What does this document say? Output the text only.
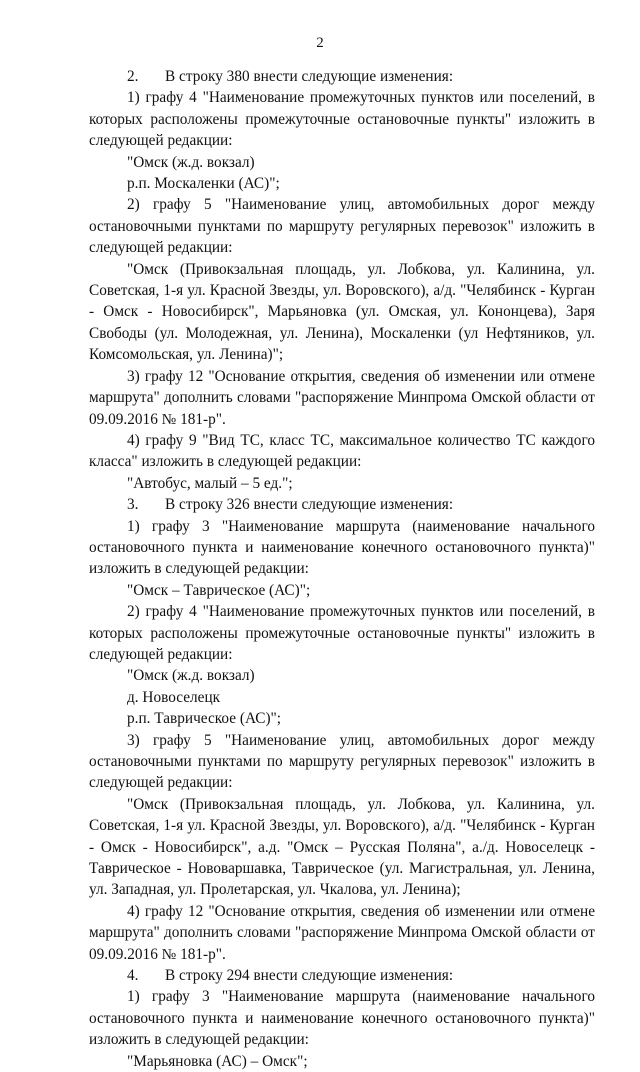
2

2.	В строку 380 внести следующие изменения:

1) графу 4 "Наименование промежуточных пунктов или поселений, в

которых расположены промежуточные остановочные пункты" изложить в

следующей редакции:

"Омск (ж.д. вокзал)

р.п. Москаленки (АС)";

2) графу 5 "Наименование улиц, автомобильных дорог между

остановочными пунктами по маршруту регулярных перевозок" изложить в

следующей редакции:

"Омск (Привокзальная площадь, ул. Лобкова, ул. Калинина, ул.

Советская, 1-я ул. Красной Звезды, ул. Воровского), а/д. "Челябинск - Курган

- Омск - Новосибирск", Марьяновка (ул. Омская, ул. Кононцева), Заря

Свободы (ул. Молодежная, ул. Ленина), Москаленки (ул Нефтяников, ул.

Комсомольская, ул. Ленина)";

3) графу 12 "Основание открытия, сведения об изменении или отмене

маршрута" дополнить словами "распоряжение Минпрома Омской области от

09.09.2016 № 181-р".

4) графу 9 "Вид ТС, класс ТС, максимальное количество ТС каждого

класса" изложить в следующей редакции:

"Автобус, малый – 5 ед.";

3.	В строку 326 внести следующие изменения:

1) графу 3 "Наименование маршрута (наименование начального

остановочного пункта и наименование конечного остановочного пункта)"

изложить в следующей редакции:

"Омск – Таврическое (АС)";

2) графу 4 "Наименование промежуточных пунктов или поселений, в

которых расположены промежуточные остановочные пункты" изложить в

следующей редакции:

"Омск (ж.д. вокзал)

д. Новоселецк

р.п. Таврическое (АС)";

3) графу 5 "Наименование улиц, автомобильных дорог между

остановочными пунктами по маршруту регулярных перевозок" изложить в

следующей редакции:

"Омск (Привокзальная площадь, ул. Лобкова, ул. Калинина, ул.

Советская, 1-я ул. Красной Звезды, ул. Воровского), а/д. "Челябинск - Курган

- Омск - Новосибирск", а.д. "Омск – Русская Поляна", а./д. Новоселецк -

Таврическое - Нововаршавка, Таврическое (ул. Магистральная, ул. Ленина,

ул. Западная, ул. Пролетарская, ул. Чкалова, ул. Ленина);

4) графу 12 "Основание открытия, сведения об изменении или отмене

маршрута" дополнить словами "распоряжение Минпрома Омской области от

09.09.2016 № 181-р".

4.	В строку 294 внести следующие изменения:

1) графу 3 "Наименование маршрута (наименование начального

остановочного пункта и наименование конечного остановочного пункта)"

изложить в следующей редакции:

"Марьяновка (АС) – Омск";
